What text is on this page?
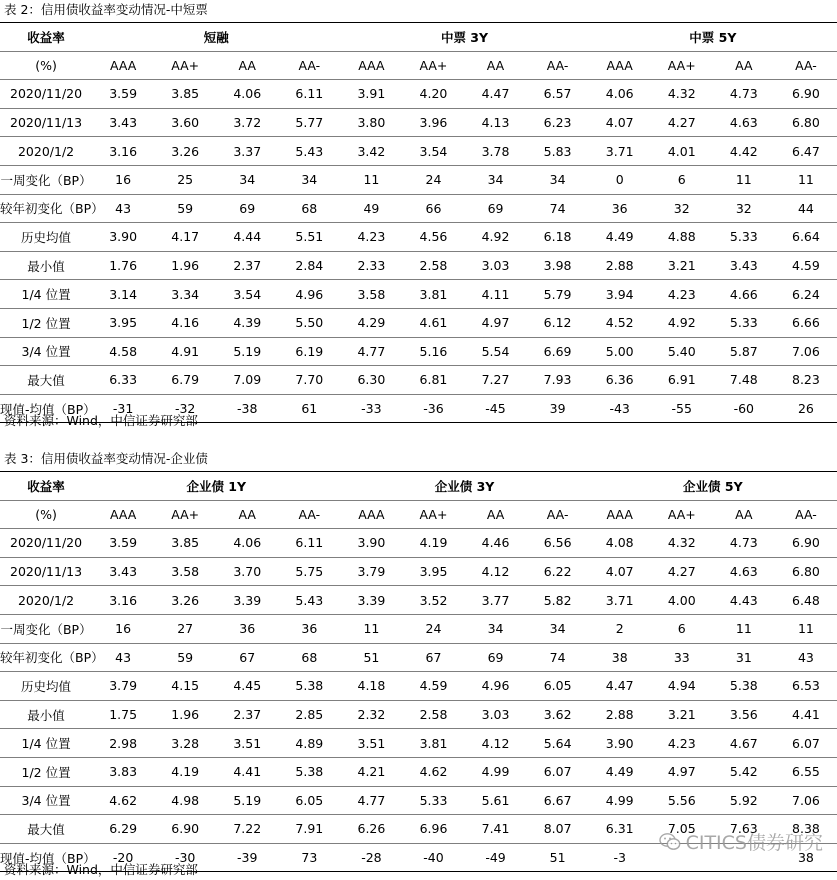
表 2：信用债收益率变动情况-中短票
收益率	短融				中票 3Y				中票 5Y			
(%)	AAA	AA+	AA	AA-	AAA	AA+	AA	AA-	AAA	AA+	AA	AA-
2020/11/20	3.59	3.85	4.06	6.11	3.91	4.20	4.47	6.57	4.06	4.32	4.73	6.90
2020/11/13	3.43	3.60	3.72	5.77	3.80	3.96	4.13	6.23	4.07	4.27	4.63	6.80
2020/1/2	3.16	3.26	3.37	5.43	3.42	3.54	3.78	5.83	3.71	4.01	4.42	6.47
一周变化（BP）	16	25	34	34	11	24	34	34	0	6	11	11
较年初变化（BP）	43	59	69	68	49	66	69	74	36	32	32	44
历史均值	3.90	4.17	4.44	5.51	4.23	4.56	4.92	6.18	4.49	4.88	5.33	6.64
最小值	1.76	1.96	2.37	2.84	2.33	2.58	3.03	3.98	2.88	3.21	3.43	4.59
1/4 位置	3.14	3.34	3.54	4.96	3.58	3.81	4.11	5.79	3.94	4.23	4.66	6.24
1/2 位置	3.95	4.16	4.39	5.50	4.29	4.61	4.97	6.12	4.52	4.92	5.33	6.66
3/4 位置	4.58	4.91	5.19	6.19	4.77	5.16	5.54	6.69	5.00	5.40	5.87	7.06
最大值	6.33	6.79	7.09	7.70	6.30	6.81	7.27	7.93	6.36	6.91	7.48	8.23
现值-均值（BP）	-31	-32	-38	61	-33	-36	-45	39	-43	-55	-60	26
资料来源：Wind，中信证券研究部
表 3：信用债收益率变动情况-企业债
收益率	企业债 1Y				企业债 3Y				企业债 5Y			
(%)	AAA	AA+	AA	AA-	AAA	AA+	AA	AA-	AAA	AA+	AA	AA-
2020/11/20	3.59	3.85	4.06	6.11	3.90	4.19	4.46	6.56	4.08	4.32	4.73	6.90
2020/11/13	3.43	3.58	3.70	5.75	3.79	3.95	4.12	6.22	4.07	4.27	4.63	6.80
2020/1/2	3.16	3.26	3.39	5.43	3.39	3.52	3.77	5.82	3.71	4.00	4.43	6.48
一周变化（BP）	16	27	36	36	11	24	34	34	2	6	11	11
较年初变化（BP）	43	59	67	68	51	67	69	74	38	33	31	43
历史均值	3.79	4.15	4.45	5.38	4.18	4.59	4.96	6.05	4.47	4.94	5.38	6.53
最小值	1.75	1.96	2.37	2.85	2.32	2.58	3.03	3.62	2.88	3.21	3.56	4.41
1/4 位置	2.98	3.28	3.51	4.89	3.51	3.81	4.12	5.64	3.90	4.23	4.67	6.07
1/2 位置	3.83	4.19	4.41	5.38	4.21	4.62	4.99	6.07	4.49	4.97	5.42	6.55
3/4 位置	4.62	4.98	5.19	6.05	4.77	5.33	5.61	6.67	4.99	5.56	5.92	7.06
最大值	6.29	6.90	7.22	7.91	6.26	6.96	7.41	8.07	6.31	7.05	7.63	8.38
现值-均值（BP）	-20	-30	-39	73	-28	-40	-49	51	-3			38
资料来源：Wind，中信证券研究部
CITICS债券研究
